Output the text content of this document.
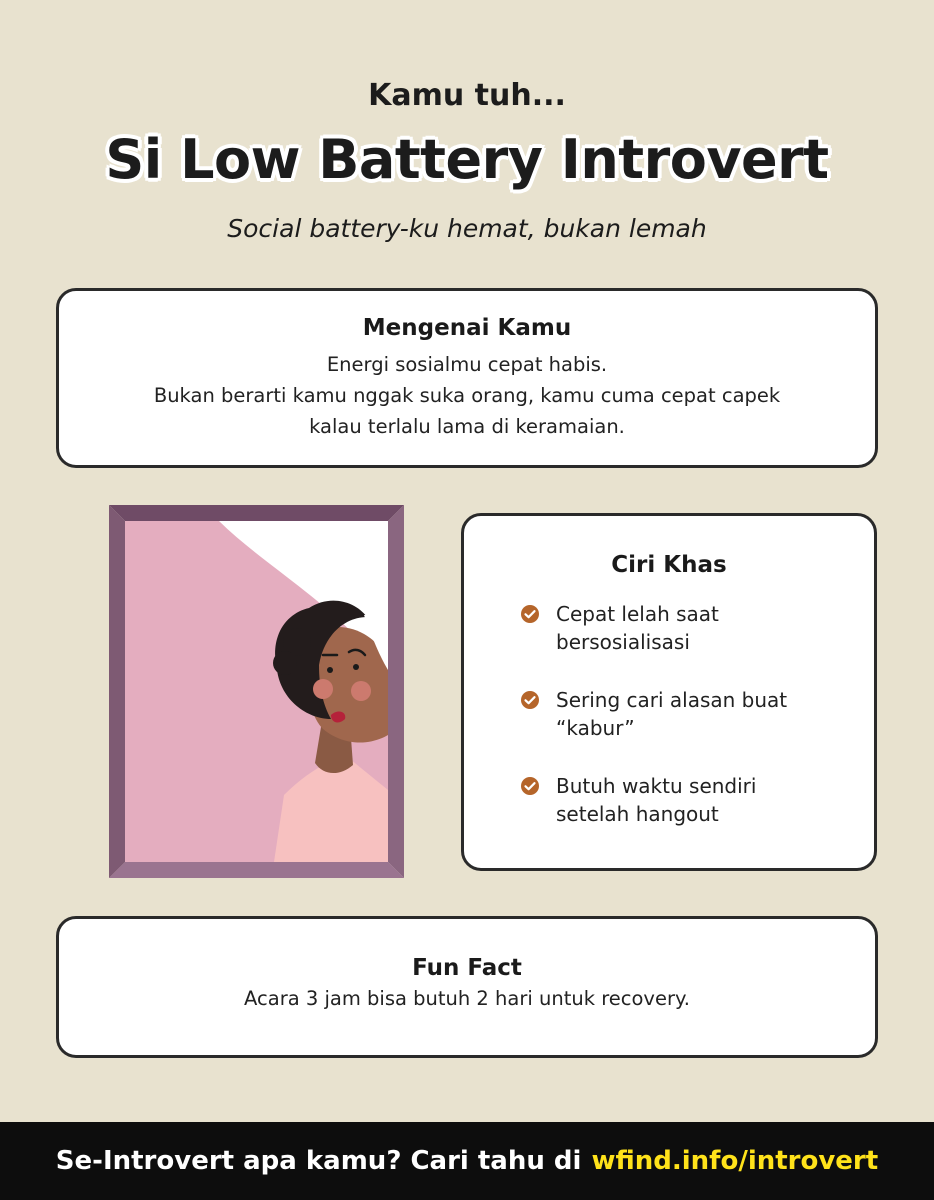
Kamu tuh...
Si Low Battery Introvert
Social battery-ku hemat, bukan lemah
Mengenai Kamu

Energi sosialmu cepat habis.
Bukan berarti kamu nggak suka orang, kamu cuma cepat capek
kalau terlalu lama di keramaian.

Ciri Khas
Cepat lelah saat
bersosialisasi
Sering cari alasan buat
“kabur”
Butuh waktu sendiri
setelah hangout
Fun Fact

Acara 3 jam bisa butuh 2 hari untuk recovery.

Se-Introvert apa kamu? Cari tahu di wfind.info/introvert
